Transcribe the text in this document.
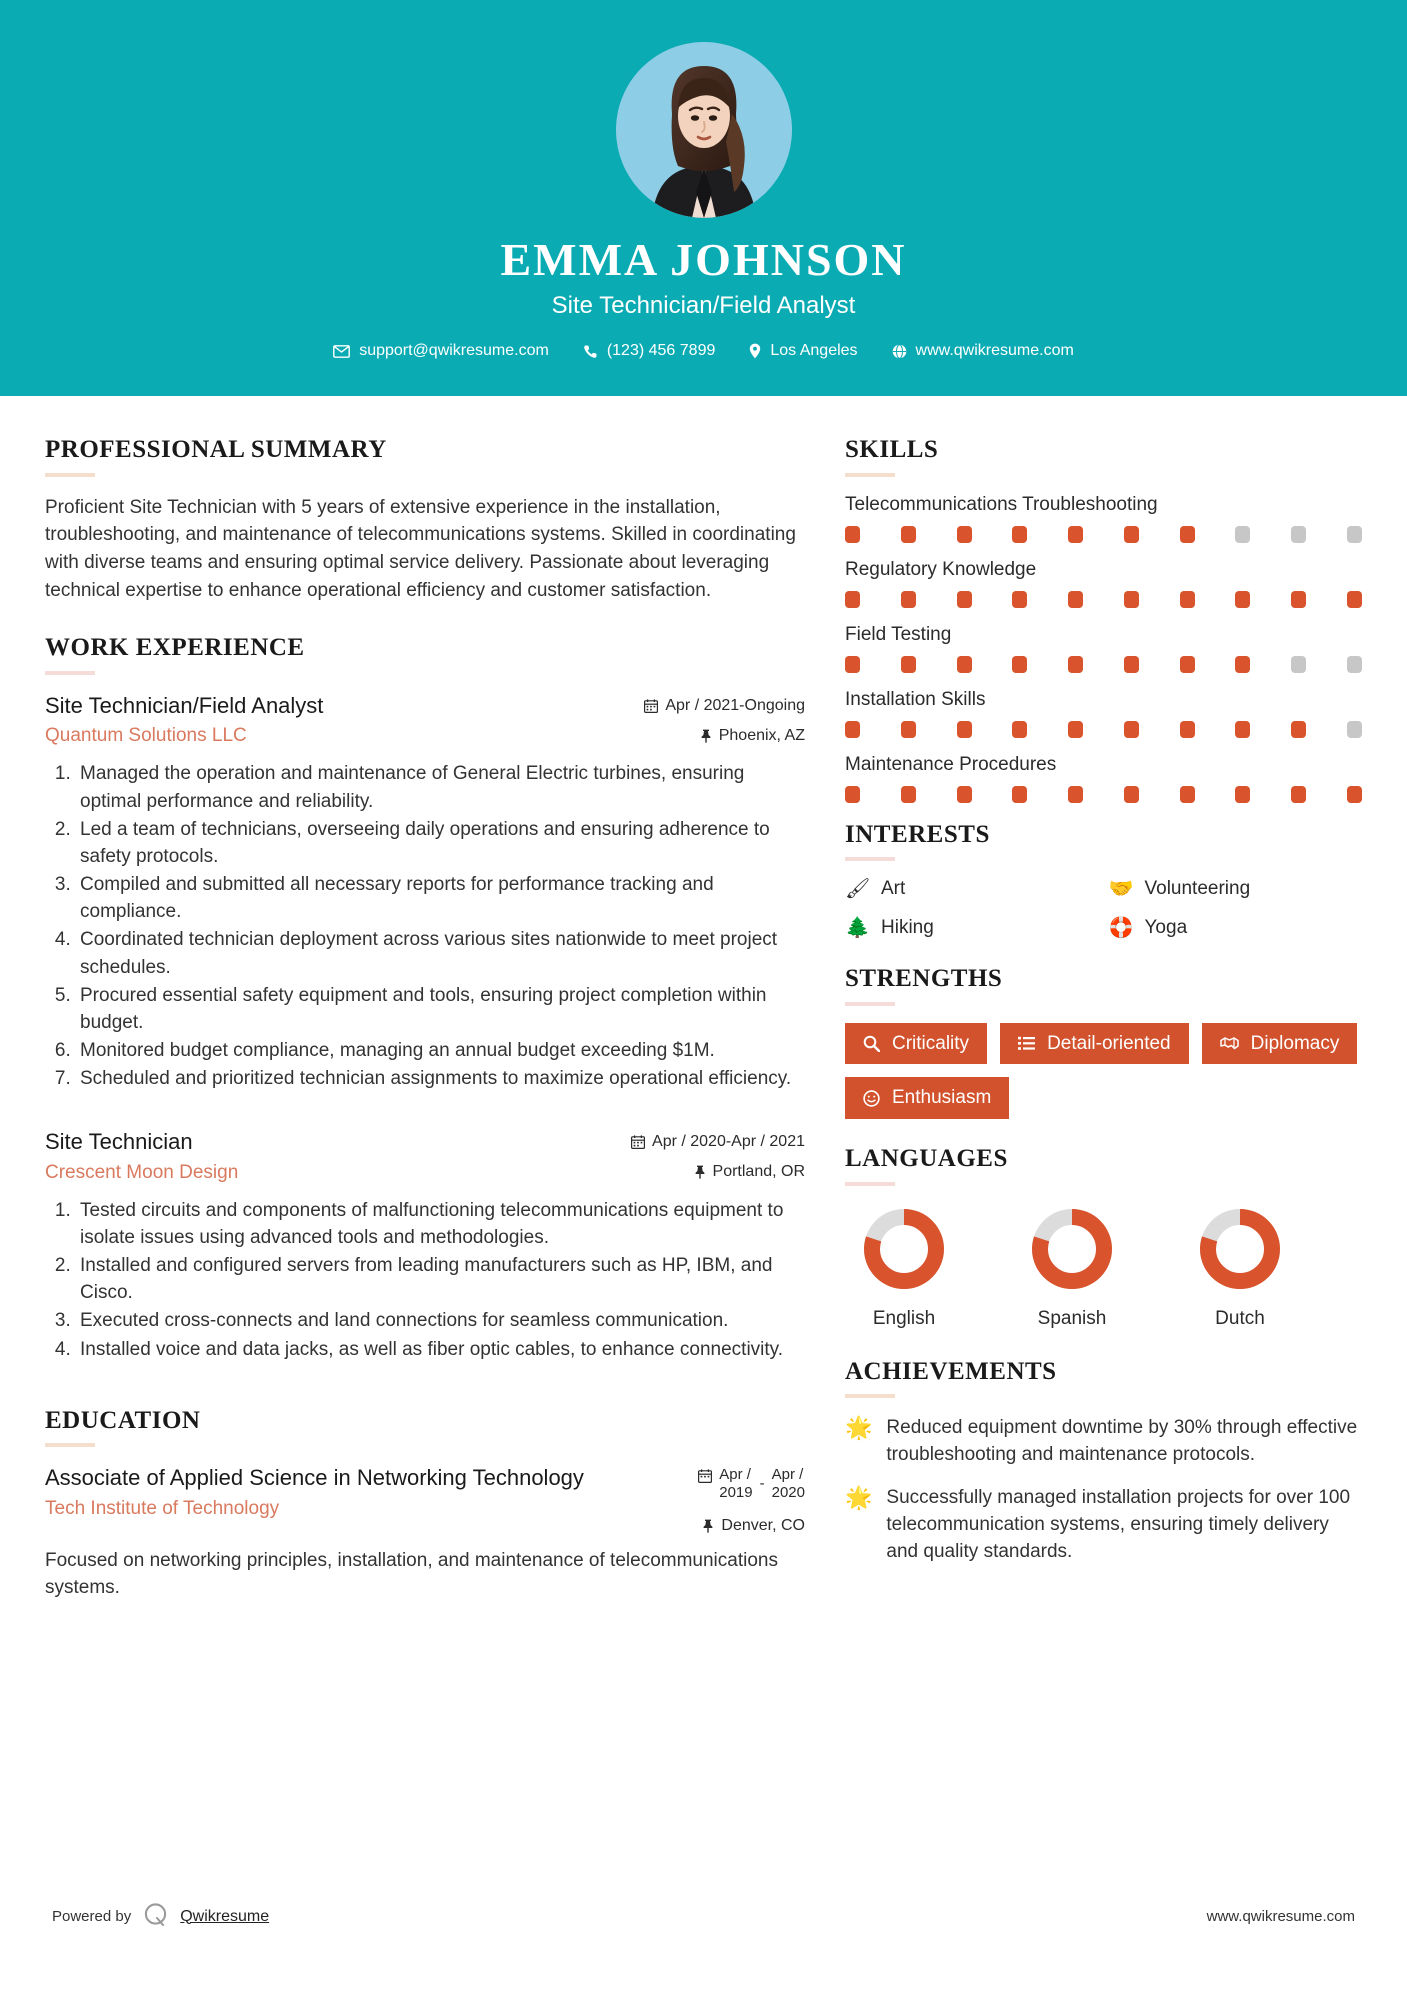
EMMA JOHNSON
Site Technician/Field Analyst
support@qwikresume.com	(123) 456 7899	Los Angeles	www.qwikresume.com
PROFESSIONAL SUMMARY
Proficient Site Technician with 5 years of extensive experience in the installation, troubleshooting, and maintenance of telecommunications systems. Skilled in coordinating with diverse teams and ensuring optimal service delivery. Passionate about leveraging technical expertise to enhance operational efficiency and customer satisfaction.
WORK EXPERIENCE
Site Technician/Field Analyst
Quantum Solutions LLC
Apr / 2021-Ongoing
Phoenix, AZ
1. Managed the operation and maintenance of General Electric turbines, ensuring optimal performance and reliability.
2. Led a team of technicians, overseeing daily operations and ensuring adherence to safety protocols.
3. Compiled and submitted all necessary reports for performance tracking and compliance.
4. Coordinated technician deployment across various sites nationwide to meet project schedules.
5. Procured essential safety equipment and tools, ensuring project completion within budget.
6. Monitored budget compliance, managing an annual budget exceeding $1M.
7. Scheduled and prioritized technician assignments to maximize operational efficiency.
Site Technician
Crescent Moon Design
Apr / 2020-Apr / 2021
Portland, OR
1. Tested circuits and components of malfunctioning telecommunications equipment to isolate issues using advanced tools and methodologies.
2. Installed and configured servers from leading manufacturers such as HP, IBM, and Cisco.
3. Executed cross-connects and land connections for seamless communication.
4. Installed voice and data jacks, as well as fiber optic cables, to enhance connectivity.
EDUCATION
Associate of Applied Science in Networking Technology
Tech Institute of Technology
Apr /
2019
-
Apr /
2020
Denver, CO
Focused on networking principles, installation, and maintenance of telecommunications systems.
SKILLS
Telecommunications Troubleshooting
Regulatory Knowledge
Field Testing
Installation Skills
Maintenance Procedures
INTERESTS
🖌 Art	🤝 Volunteering
🌲 Hiking	🛟 Yoga
STRENGTHS
Criticality	Detail-oriented	Diplomacy
Enthusiasm
LANGUAGES
English	Spanish	Dutch
ACHIEVEMENTS
🌟 Reduced equipment downtime by 30% through effective troubleshooting and maintenance protocols.
🌟 Successfully managed installation projects for over 100 telecommunication systems, ensuring timely delivery and quality standards.
Powered by	Qwikresume	www.qwikresume.com
